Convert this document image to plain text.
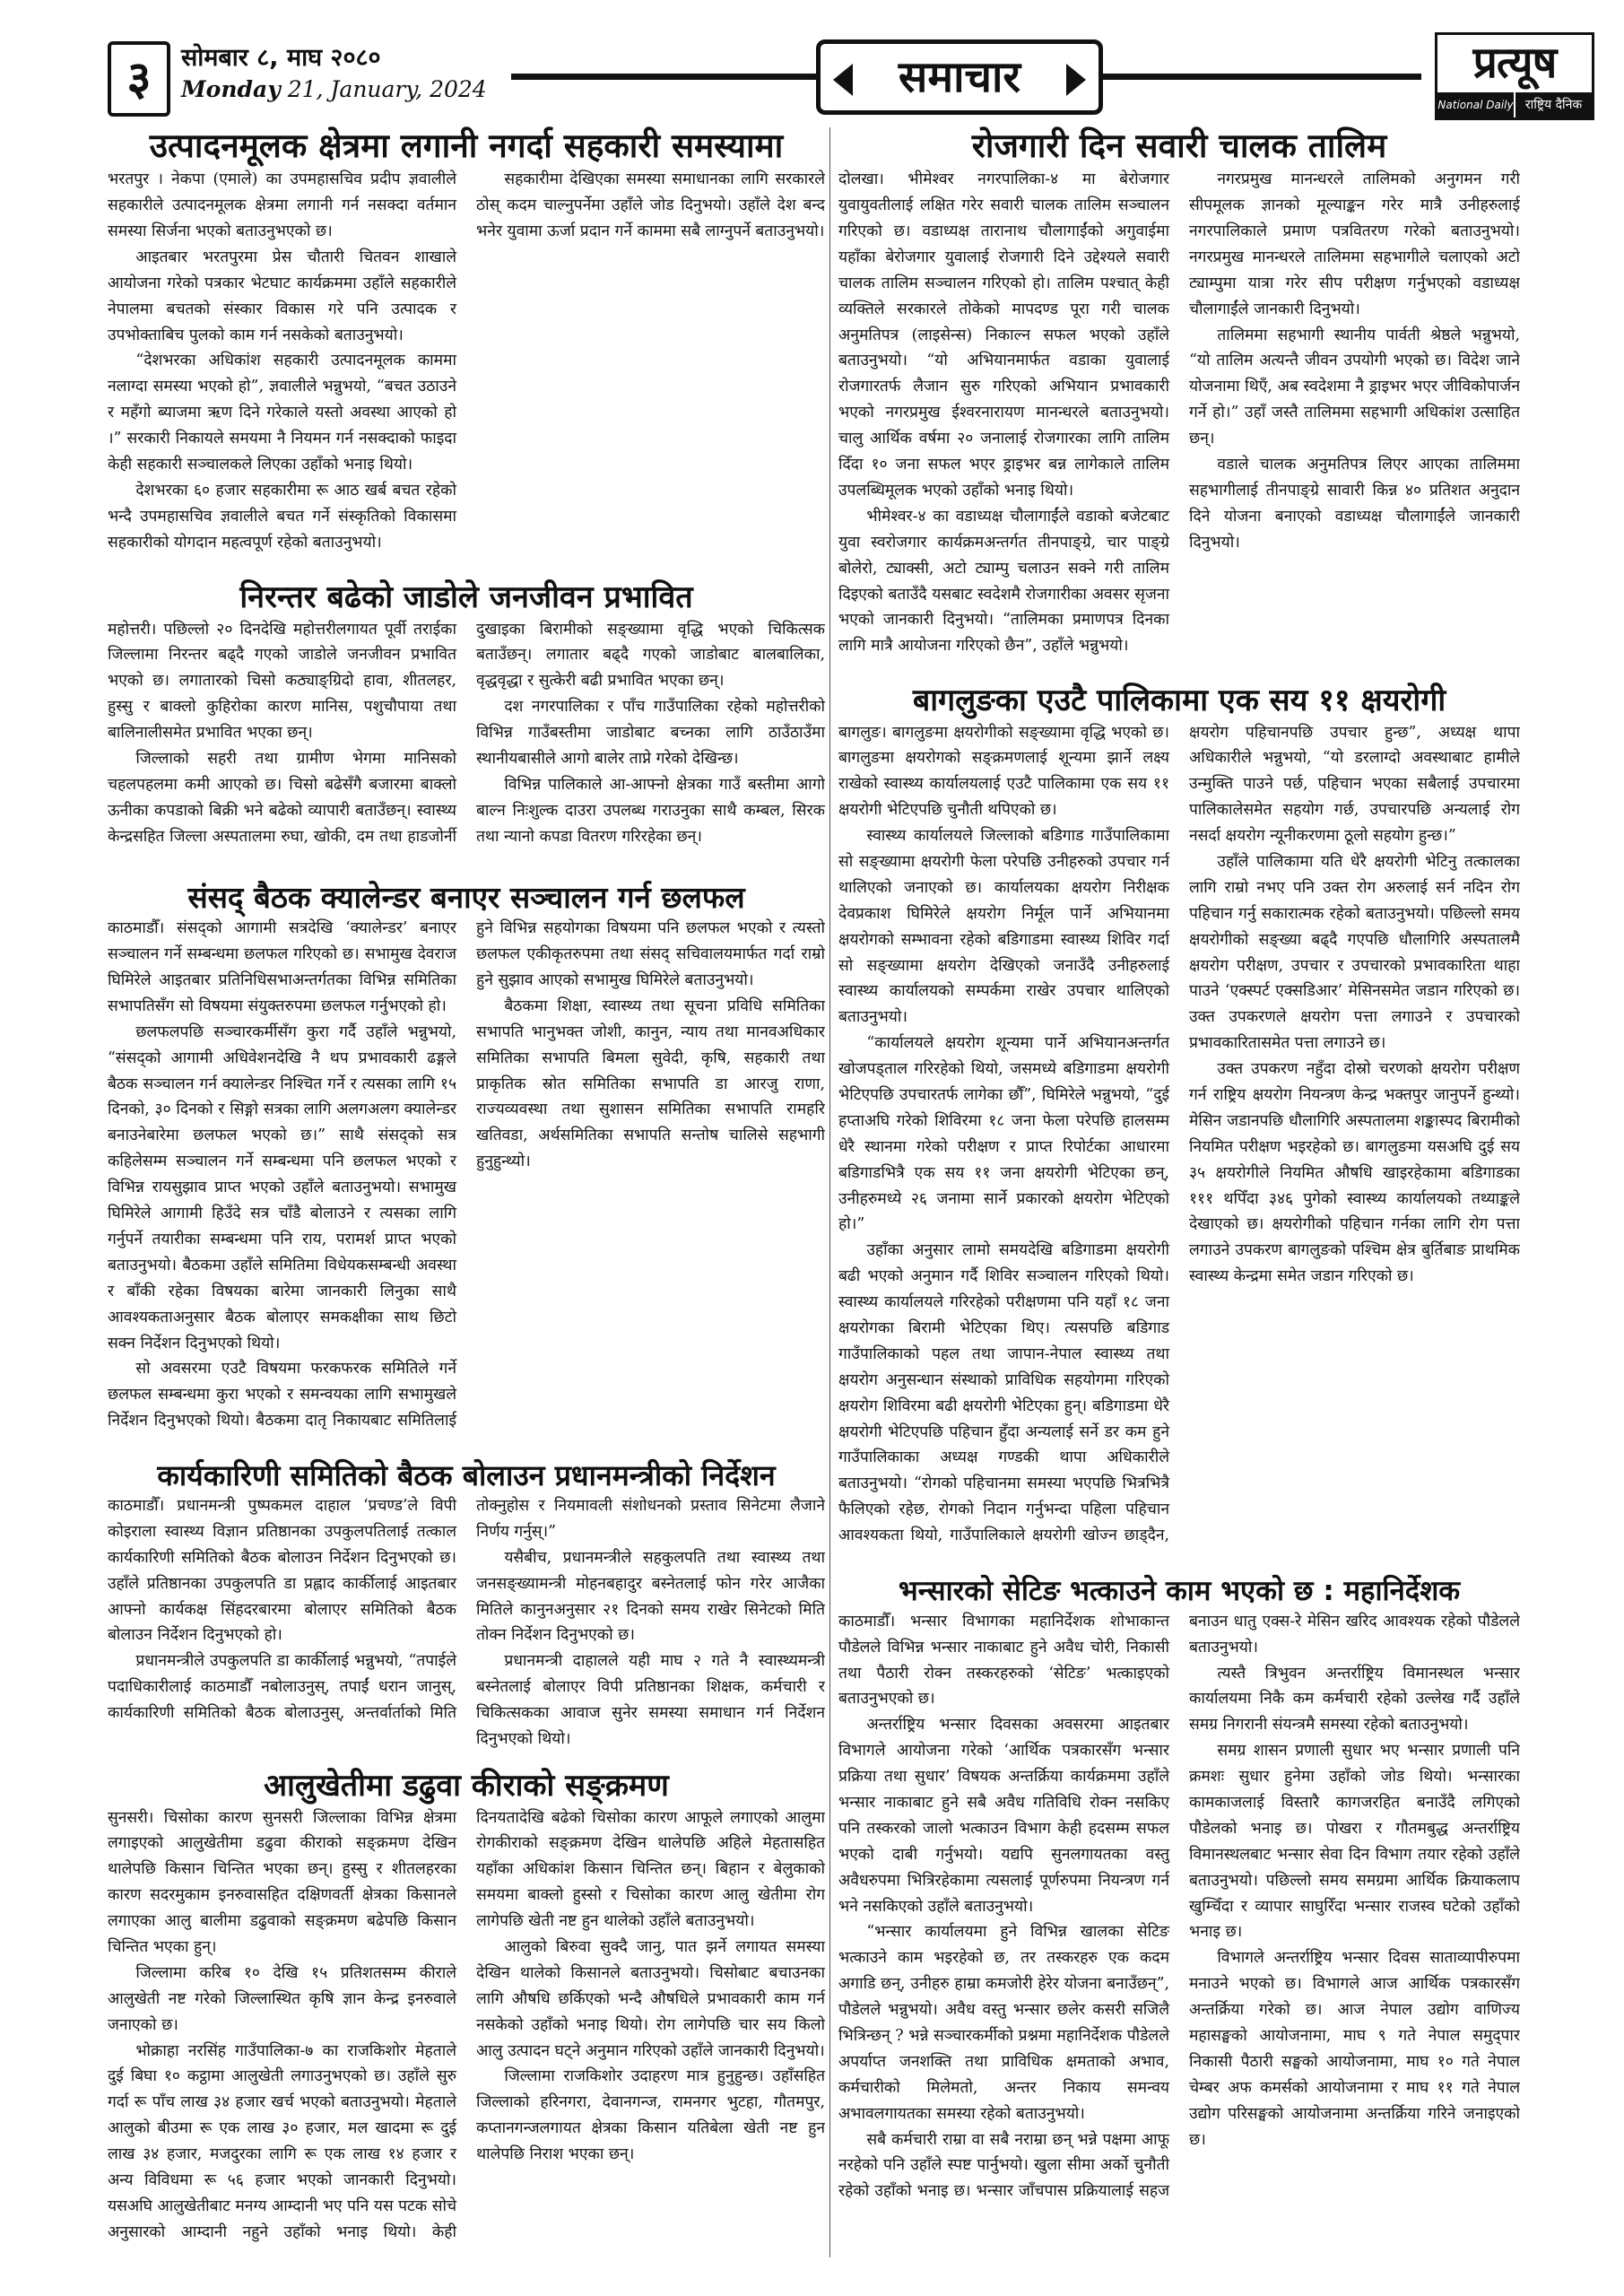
३	सोमबार ८, माघ २०८०
Monday 21, January, 2024	समाचार	प्रत्यूष
National Daily राष्ट्रिय दैनिक
उत्पादनमूलक क्षेत्रमा लगानी नगर्दा सहकारी समस्यामा

भरतपुर । नेकपा (एमाले) का उपमहासचिव प्रदीप ज्ञवालीले सहकारीले उत्पादनमूलक क्षेत्रमा लगानी गर्न नसक्दा वर्तमान समस्या सिर्जना भएको बताउनुभएको छ।

आइतबार भरतपुरमा प्रेस चौतारी चितवन शाखाले आयोजना गरेको पत्रकार भेटघाट कार्यक्रममा उहाँले सहकारीले नेपालमा बचतको संस्कार विकास गरे पनि उत्पादक र उपभोक्ताबिच पुलको काम गर्न नसकेको बताउनुभयो।

“देशभरका अधिकांश सहकारी उत्पादनमूलक काममा नलाग्दा समस्या भएको हो”, ज्ञवालीले भन्नुभयो, “बचत उठाउने र महँगो ब्याजमा ऋण दिने गरेकाले यस्तो अवस्था आएको हो ।” सरकारी निकायले समयमा नै नियमन गर्न नसक्दाको फाइदा केही सहकारी सञ्चालकले लिएका उहाँको भनाइ थियो।

देशभरका ६० हजार सहकारीमा रू आठ खर्ब बचत रहेको भन्दै उपमहासचिव ज्ञवालीले बचत गर्ने संस्कृतिको विकासमा सहकारीको योगदान महत्वपूर्ण रहेको बताउनुभयो।

सहकारीमा देखिएका समस्या समाधानका लागि सरकारले ठोस् कदम चाल्नुपर्नेमा उहाँले जोड दिनुभयो। उहाँले देश बन्द भनेर युवामा ऊर्जा प्रदान गर्ने काममा सबै लाग्नुपर्ने बताउनुभयो।

निरन्तर बढेको जाडोले जनजीवन प्रभावित

महोत्तरी। पछिल्लो २० दिनदेखि महोत्तरीलगायत पूर्वी तराईका जिल्लामा निरन्तर बढ्दै गएको जाडोले जनजीवन प्रभावित भएको छ। लगातारको चिसो कठ्याङ्ग्रिदो हावा, शीतलहर, हुस्सु र बाक्लो कुहिरोका कारण मानिस, पशुचौपाया तथा बालिनालीसमेत प्रभावित भएका छन्।

जिल्लाको सहरी तथा ग्रामीण भेगमा मानिसको चहलपहलमा कमी आएको छ। चिसो बढेसँगै बजारमा बाक्लो ऊनीका कपडाको बिक्री भने बढेको व्यापारी बताउँछन्। स्वास्थ्य केन्द्रसहित जिल्ला अस्पतालमा रुघा, खोकी, दम तथा हाडजोर्नी दुखाइका बिरामीको सङ्ख्यामा वृद्धि भएको चिकित्सक बताउँछन्। लगातार बढ्दै गएको जाडोबाट बालबालिका, वृद्धवृद्धा र सुत्केरी बढी प्रभावित भएका छन्।

दश नगरपालिका र पाँच गाउँपालिका रहेको महोत्तरीको विभिन्न गाउँबस्तीमा जाडोबाट बच्नका लागि ठाउँठाउँमा स्थानीयबासीले आगो बालेर ताप्ने गरेको देखिन्छ।

विभिन्न पालिकाले आ-आफ्नो क्षेत्रका गाउँ बस्तीमा आगो बाल्न निःशुल्क दाउरा उपलब्ध गराउनुका साथै कम्बल, सिरक तथा न्यानो कपडा वितरण गरिरहेका छन्।

संसद् बैठक क्यालेन्डर बनाएर सञ्चालन गर्न छलफल

काठमाडौँ। संसद्को आगामी सत्रदेखि ‘क्यालेन्डर’ बनाएर सञ्चालन गर्ने सम्बन्धमा छलफल गरिएको छ। सभामुख देवराज घिमिरेले आइतबार प्रतिनिधिसभाअन्तर्गतका विभिन्न समितिका सभापतिसँग सो विषयमा संयुक्तरुपमा छलफल गर्नुभएको हो।

छलफलपछि सञ्चारकर्मीसँग कुरा गर्दै उहाँले भन्नुभयो, “संसद्को आगामी अधिवेशनदेखि नै थप प्रभावकारी ढङ्गले बैठक सञ्चालन गर्न क्यालेन्डर निश्चित गर्ने र त्यसका लागि १५ दिनको, ३० दिनको र सिङ्गो सत्रका लागि अलगअलग क्यालेन्डर बनाउनेबारेमा छलफल भएको छ।” साथै संसद्को सत्र कहिलेसम्म सञ्चालन गर्ने सम्बन्धमा पनि छलफल भएको र विभिन्न रायसुझाव प्राप्त भएको उहाँले बताउनुभयो। सभामुख घिमिरेले आगामी हिउँदे सत्र चाँडै बोलाउने र त्यसका लागि गर्नुपर्ने तयारीका सम्बन्धमा पनि राय, परामर्श प्राप्त भएको बताउनुभयो। बैठकमा उहाँले समितिमा विधेयकसम्बन्धी अवस्था र बाँकी रहेका विषयका बारेमा जानकारी लिनुका साथै आवश्यकताअनुसार बैठक बोलाएर समकक्षीका साथ छिटो सक्न निर्देशन दिनुभएको थियो।

सो अवसरमा एउटै विषयमा फरकफरक समितिले गर्ने छलफल सम्बन्धमा कुरा भएको र समन्वयका लागि सभामुखले निर्देशन दिनुभएको थियो। बैठकमा दातृ निकायबाट समितिलाई हुने विभिन्न सहयोगका विषयमा पनि छलफल भएको र त्यस्तो छलफल एकीकृतरुपमा तथा संसद् सचिवालयमार्फत गर्दा राम्रो हुने सुझाव आएको सभामुख घिमिरेले बताउनुभयो।

बैठकमा शिक्षा, स्वास्थ्य तथा सूचना प्रविधि समितिका सभापति भानुभक्त जोशी, कानुन, न्याय तथा मानवअधिकार समितिका सभापति बिमला सुवेदी, कृषि, सहकारी तथा प्राकृतिक स्रोत समितिका सभापति डा आरजु राणा, राज्यव्यवस्था तथा सुशासन समितिका सभापति रामहरि खतिवडा, अर्थसमितिका सभापति सन्तोष चालिसे सहभागी हुनुहुन्थ्यो।

कार्यकारिणी समितिको बैठक बोलाउन प्रधानमन्त्रीको निर्देशन

काठमाडौँ। प्रधानमन्त्री पुष्पकमल दाहाल ‘प्रचण्ड’ले विपी कोइराला स्वास्थ्य विज्ञान प्रतिष्ठानका उपकुलपतिलाई तत्काल कार्यकारिणी समितिको बैठक बोलाउन निर्देशन दिनुभएको छ। उहाँले प्रतिष्ठानका उपकुलपति डा प्रह्लाद कार्कीलाई आइतबार आफ्नो कार्यकक्ष सिंहदरबारमा बोलाएर समितिको बैठक बोलाउन निर्देशन दिनुभएको हो।

प्रधानमन्त्रीले उपकुलपति डा कार्कीलाई भन्नुभयो, “तपाईले पदाधिकारीलाई काठमाडौँ नबोलाउनुस्, तपाईं धरान जानुस्, कार्यकारिणी समितिको बैठक बोलाउनुस्, अन्तर्वार्ताको मिति तोक्नुहोस र नियमावली संशोधनको प्रस्ताव सिनेटमा लैजाने निर्णय गर्नुस्।”

यसैबीच, प्रधानमन्त्रीले सहकुलपति तथा स्वास्थ्य तथा जनसङ्ख्यामन्त्री मोहनबहादुर बस्नेतलाई फोन गरेर आजैका मितिले कानुनअनुसार २१ दिनको समय राखेर सिनेटको मिति तोक्न निर्देशन दिनुभएको छ।

प्रधानमन्त्री दाहालले यही माघ २ गते नै स्वास्थ्यमन्त्री बस्नेतलाई बोलाएर विपी प्रतिष्ठानका शिक्षक, कर्मचारी र चिकित्सकका आवाज सुनेर समस्या समाधान गर्न निर्देशन दिनुभएको थियो।

आलुखेतीमा डढुवा कीराको सङ्क्रमण

सुनसरी। चिसोका कारण सुनसरी जिल्लाका विभिन्न क्षेत्रमा लगाइएको आलुखेतीमा डढुवा कीराको सङ्क्रमण देखिन थालेपछि किसान चिन्तित भएका छन्। हुस्सु र शीतलहरका कारण सदरमुकाम इनरुवासहित दक्षिणवर्ती क्षेत्रका किसानले लगाएका आलु बालीमा डढुवाको सङ्क्रमण बढेपछि किसान चिन्तित भएका हुन्।

जिल्लामा करिब १० देखि १५ प्रतिशतसम्म कीराले आलुखेती नष्ट गरेको जिल्लास्थित कृषि ज्ञान केन्द्र इनरुवाले जनाएको छ।

भोक्राहा नरसिंह गाउँपालिका-७ का राजकिशोर मेहताले दुई बिघा १० कट्ठामा आलुखेती लगाउनुभएको छ। उहाँले सुरु गर्दा रू पाँच लाख ३४ हजार खर्च भएको बताउनुभयो। मेहताले आलुको बीउमा रू एक लाख ३० हजार, मल खादमा रू दुई लाख ३४ हजार, मजदुरका लागि रू एक लाख १४ हजार र अन्य विविधमा रू ५६ हजार भएको जानकारी दिनुभयो। यसअघि आलुखेतीबाट मनग्य आम्दानी भए पनि यस पटक सोचे अनुसारको आम्दानी नहुने उहाँको भनाइ थियो। केही दिनयतादेखि बढेको चिसोका कारण आफूले लगाएको आलुमा रोगकीराको सङ्क्रमण देखिन थालेपछि अहिले मेहतासहित यहाँका अधिकांश किसान चिन्तित छन्। बिहान र बेलुकाको समयमा बाक्लो हुस्सो र चिसोका कारण आलु खेतीमा रोग लागेपछि खेती नष्ट हुन थालेको उहाँले बताउनुभयो।

आलुको बिरुवा सुक्दै जानु, पात झर्ने लगायत समस्या देखिन थालेको किसानले बताउनुभयो। चिसोबाट बचाउनका लागि औषधि छर्किएको भन्दै औषधिले प्रभावकारी काम गर्न नसकेको उहाँको भनाइ थियो। रोग लागेपछि चार सय किलो आलु उत्पादन घट्ने अनुमान गरिएको उहाँले जानकारी दिनुभयो।

जिल्लामा राजकिशोर उदाहरण मात्र हुनुहुन्छ। उहाँसहित जिल्लाको हरिनगरा, देवानगन्ज, रामनगर भुटहा, गौतमपुर, कप्तानगन्जलगायत क्षेत्रका किसान यतिबेला खेती नष्ट हुन थालेपछि निराश भएका छन्।

रोजगारी दिन सवारी चालक तालिम

दोलखा। भीमेश्वर नगरपालिका-४ मा बेरोजगार युवायुवतीलाई लक्षित गरेर सवारी चालक तालिम सञ्चालन गरिएको छ। वडाध्यक्ष तारानाथ चौलागाईंको अगुवाईमा यहाँका बेरोजगार युवालाई रोजगारी दिने उद्देश्यले सवारी चालक तालिम सञ्चालन गरिएको हो। तालिम पश्चात् केही व्यक्तिले सरकारले तोकेको मापदण्ड पूरा गरी चालक अनुमतिपत्र (लाइसेन्स) निकाल्न सफल भएको उहाँले बताउनुभयो। “यो अभियानमार्फत वडाका युवालाई रोजगारतर्फ लैजान सुरु गरिएको अभियान प्रभावकारी भएको नगरप्रमुख ईश्वरनारायण मानन्धरले बताउनुभयो। चालु आर्थिक वर्षमा २० जनालाई रोजगारका लागि तालिम दिँदा १० जना सफल भएर ड्राइभर बन्न लागेकाले तालिम उपलब्धिमूलक भएको उहाँको भनाइ थियो।

भीमेश्वर-४ का वडाध्यक्ष चौलागाईंले वडाको बजेटबाट युवा स्वरोजगार कार्यक्रमअन्तर्गत तीनपाङ्ग्रे, चार पाङ्ग्रे बोलेरो, ट्याक्सी, अटो ट्याम्पु चलाउन सक्ने गरी तालिम दिइएको बताउँदै यसबाट स्वदेशमै रोजगारीका अवसर सृजना भएको जानकारी दिनुभयो। “तालिमका प्रमाणपत्र दिनका लागि मात्रै आयोजना गरिएको छैन”, उहाँले भन्नुभयो।

नगरप्रमुख मानन्धरले तालिमको अनुगमन गरी सीपमूलक ज्ञानको मूल्याङ्कन गरेर मात्रै उनीहरुलाई नगरपालिकाले प्रमाण पत्रवितरण गरेको बताउनुभयो। नगरप्रमुख मानन्धरले तालिममा सहभागीले चलाएको अटो ट्याम्पुमा यात्रा गरेर सीप परीक्षण गर्नुभएको वडाध्यक्ष चौलागाईंले जानकारी दिनुभयो।

तालिममा सहभागी स्थानीय पार्वती श्रेष्ठले भन्नुभयो, “यो तालिम अत्यन्तै जीवन उपयोगी भएको छ। विदेश जाने योजनामा थिएँ, अब स्वदेशमा नै ड्राइभर भएर जीविकोपार्जन गर्ने हो।” उहाँ जस्तै तालिममा सहभागी अधिकांश उत्साहित छन्।

वडाले चालक अनुमतिपत्र लिएर आएका तालिममा सहभागीलाई तीनपाङ्ग्रे सावारी किन्न ४० प्रतिशत अनुदान दिने योजना बनाएको वडाध्यक्ष चौलागाईंले जानकारी दिनुभयो।

बागलुङका एउटै पालिकामा एक सय ११ क्षयरोगी

बागलुङ। बागलुङमा क्षयरोगीको सङ्ख्यामा वृद्धि भएको छ। बागलुङमा क्षयरोगको सङ्क्रमणलाई शून्यमा झार्ने लक्ष्य राखेको स्वास्थ्य कार्यालयलाई एउटै पालिकामा एक सय ११ क्षयरोगी भेटिएपछि चुनौती थपिएको छ।

स्वास्थ्य कार्यालयले जिल्लाको बडिगाड गाउँपालिकामा सो सङ्ख्यामा क्षयरोगी फेला परेपछि उनीहरुको उपचार गर्न थालिएको जनाएको छ। कार्यालयका क्षयरोग निरीक्षक देवप्रकाश घिमिरेले क्षयरोग निर्मूल पार्ने अभियानमा क्षयरोगको सम्भावना रहेको बडिगाडमा स्वास्थ्य शिविर गर्दा सो सङ्ख्यामा क्षयरोग देखिएको जनाउँदै उनीहरुलाई स्वास्थ्य कार्यालयको सम्पर्कमा राखेर उपचार थालिएको बताउनुभयो।

“कार्यालयले क्षयरोग शून्यमा पार्ने अभियानअन्तर्गत खोजपड्ताल गरिरहेको थियो, जसमध्ये बडिगाडमा क्षयरोगी भेटिएपछि उपचारतर्फ लागेका छौँ”, घिमिरेले भन्नुभयो, “दुई हप्ताअघि गरेको शिविरमा १८ जना फेला परेपछि हालसम्म धेरै स्थानमा गरेको परीक्षण र प्राप्त रिपोर्टका आधारमा बडिगाडभित्रै एक सय ११ जना क्षयरोगी भेटिएका छन्, उनीहरुमध्ये २६ जनामा सार्ने प्रकारको क्षयरोग भेटिएको हो।”

उहाँका अनुसार लामो समयदेखि बडिगाडमा क्षयरोगी बढी भएको अनुमान गर्दै शिविर सञ्चालन गरिएको थियो। स्वास्थ्य कार्यालयले गरिरहेको परीक्षणमा पनि यहाँ १८ जना क्षयरोगका बिरामी भेटिएका थिए। त्यसपछि बडिगाड गाउँपालिकाको पहल तथा जापान-नेपाल स्वास्थ्य तथा क्षयरोग अनुसन्धान संस्थाको प्राविधिक सहयोगमा गरिएको क्षयरोग शिविरमा बढी क्षयरोगी भेटिएका हुन्। बडिगाडमा धेरै क्षयरोगी भेटिएपछि पहिचान हुँदा अन्यलाई सर्ने डर कम हुने गाउँपालिकाका अध्यक्ष गण्डकी थापा अधिकारीले बताउनुभयो। “रोगको पहिचानमा समस्या भएपछि भित्रभित्रै फैलिएको रहेछ, रोगको निदान गर्नुभन्दा पहिला पहिचान आवश्यकता थियो, गाउँपालिकाले क्षयरोगी खोज्न छाड्दैन, क्षयरोग पहिचानपछि उपचार हुन्छ”, अध्यक्ष थापा अधिकारीले भन्नुभयो, “यो डरलाग्दो अवस्थाबाट हामीले उन्मुक्ति पाउने पर्छ, पहिचान भएका सबैलाई उपचारमा पालिकालेसमेत सहयोग गर्छ, उपचारपछि अन्यलाई रोग नसर्दा क्षयरोग न्यूनीकरणमा ठूलो सहयोग हुन्छ।”

उहाँले पालिकामा यति धेरै क्षयरोगी भेटिनु तत्कालका लागि राम्रो नभए पनि उक्त रोग अरुलाई सर्न नदिन रोग पहिचान गर्नु सकारात्मक रहेको बताउनुभयो। पछिल्लो समय क्षयरोगीको सङ्ख्या बढ्दै गएपछि धौलागिरि अस्पतालमै क्षयरोग परीक्षण, उपचार र उपचारको प्रभावकारिता थाहा पाउने ‘एक्स्पर्ट एक्सडिआर’ मेसिनसमेत जडान गरिएको छ। उक्त उपकरणले क्षयरोग पत्ता लगाउने र उपचारको प्रभावकारितासमेत पत्ता लगाउने छ।

उक्त उपकरण नहुँदा दोस्रो चरणको क्षयरोग परीक्षण गर्न राष्ट्रिय क्षयरोग नियन्त्रण केन्द्र भक्तपुर जानुपर्ने हुन्थ्यो। मेसिन जडानपछि धौलागिरि अस्पतालमा शङ्कास्पद बिरामीको नियमित परीक्षण भइरहेको छ। बागलुङमा यसअघि दुई सय ३५ क्षयरोगीले नियमित औषधि खाइरहेकामा बडिगाडका १११ थपिँदा ३४६ पुगेको स्वास्थ्य कार्यालयको तथ्याङ्कले देखाएको छ। क्षयरोगीको पहिचान गर्नका लागि रोग पत्ता लगाउने उपकरण बागलुङको पश्चिम क्षेत्र बुर्तिबाङ प्राथमिक स्वास्थ्य केन्द्रमा समेत जडान गरिएको छ।

भन्सारको सेटिङ भत्काउने काम भएको छ : महानिर्देशक

काठमाडौँ। भन्सार विभागका महानिर्देशक शोभाकान्त पौडेलले विभिन्न भन्सार नाकाबाट हुने अवैध चोरी, निकासी तथा पैठारी रोक्न तस्करहरुको ‘सेटिङ’ भत्काइएको बताउनुभएको छ।

अन्तर्राष्ट्रिय भन्सार दिवसका अवसरमा आइतबार विभागले आयोजना गरेको ‘आर्थिक पत्रकारसँग भन्सार प्रक्रिया तथा सुधार’ विषयक अन्तर्क्रिया कार्यक्रममा उहाँले भन्सार नाकाबाट हुने सबै अवैध गतिविधि रोक्न नसकिए पनि तस्करको जालो भत्काउन विभाग केही हदसम्म सफल भएको दाबी गर्नुभयो। यद्यपि सुनलगायतका वस्तु अवैधरुपमा भित्रिरहेकामा त्यसलाई पूर्णरुपमा नियन्त्रण गर्न भने नसकिएको उहाँले बताउनुभयो।

“भन्सार कार्यालयमा हुने विभिन्न खालका सेटिङ भत्काउने काम भइरहेको छ, तर तस्करहरु एक कदम अगाडि छन्, उनीहरु हाम्रा कमजोरी हेरेर योजना बनाउँछन्”, पौडेलले भन्नुभयो। अवैध वस्तु भन्सार छलेर कसरी सजिलै भित्रिन्छन् ? भन्ने सञ्चारकर्मीको प्रश्नमा महानिर्देशक पौडेलले अपर्याप्त जनशक्ति तथा प्राविधिक क्षमताको अभाव, कर्मचारीको मिलेमतो, अन्तर निकाय समन्वय अभावलगायतका समस्या रहेको बताउनुभयो।

सबै कर्मचारी राम्रा वा सबै नराम्रा छन् भन्ने पक्षमा आफू नरहेको पनि उहाँले स्पष्ट पार्नुभयो। खुला सीमा अर्को चुनौती रहेको उहाँको भनाइ छ। भन्सार जाँचपास प्रक्रियालाई सहज बनाउन धातु एक्स-रे मेसिन खरिद आवश्यक रहेको पौडेलले बताउनुभयो।

त्यस्तै त्रिभुवन अन्तर्राष्ट्रिय विमानस्थल भन्सार कार्यालयमा निकै कम कर्मचारी रहेको उल्लेख गर्दै उहाँले समग्र निगरानी संयन्त्रमै समस्या रहेको बताउनुभयो।

समग्र शासन प्रणाली सुधार भए भन्सार प्रणाली पनि क्रमशः सुधार हुनेमा उहाँको जोड थियो। भन्सारका कामकाजलाई विस्तारै कागजरहित बनाउँदै लगिएको पौडेलको भनाइ छ। पोखरा र गौतमबुद्ध अन्तर्राष्ट्रिय विमानस्थलबाट भन्सार सेवा दिन विभाग तयार रहेको उहाँले बताउनुभयो। पछिल्लो समय समग्रमा आर्थिक क्रियाकलाप खुम्चिँदा र व्यापार साघुरिँदा भन्सार राजस्व घटेको उहाँको भनाइ छ।

विभागले अन्तर्राष्ट्रिय भन्सार दिवस साताव्यापीरुपमा मनाउने भएको छ। विभागले आज आर्थिक पत्रकारसँग अन्तर्क्रिया गरेको छ। आज नेपाल उद्योग वाणिज्य महासङ्घको आयोजनामा, माघ ९ गते नेपाल समुद्पार निकासी पैठारी सङ्घको आयोजनामा, माघ १० गते नेपाल चेम्बर अफ कमर्सको आयोजनामा र माघ ११ गते नेपाल उद्योग परिसङ्घको आयोजनामा अन्तर्क्रिया गरिने जनाइएको छ।
